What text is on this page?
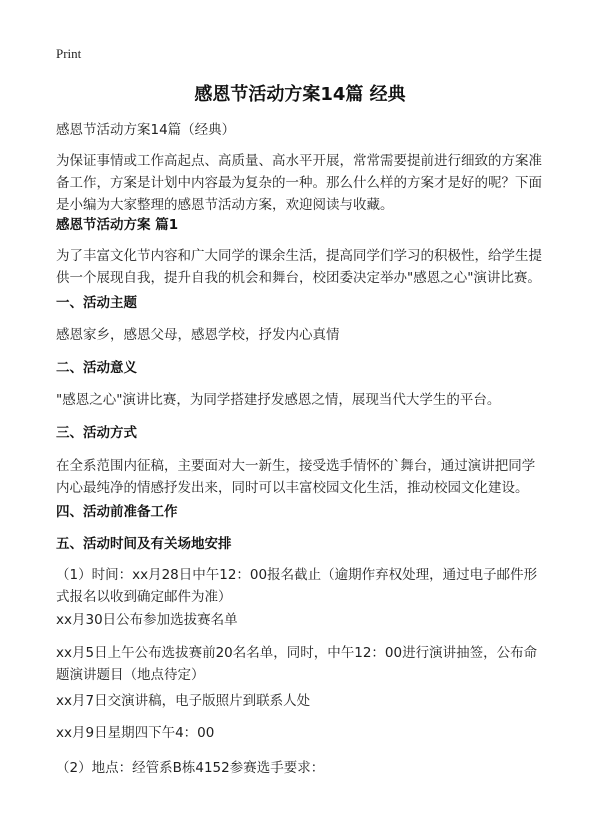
Print
感恩节活动方案14篇 经典
感恩节活动方案14篇（经典）
为保证事情或工作高起点、高质量、高水平开展，常常需要提前进行细致的方案准备工作，方案是计划中内容最为复杂的一种。那么什么样的方案才是好的呢？下面是小编为大家整理的感恩节活动方案，欢迎阅读与收藏。
感恩节活动方案 篇1
为了丰富文化节内容和广大同学的课余生活，提高同学们学习的积极性，给学生提供一个展现自我，提升自我的机会和舞台，校团委决定举办"感恩之心"演讲比赛。
一、活动主题
感恩家乡，感恩父母，感恩学校，抒发内心真情
二、活动意义
"感恩之心"演讲比赛，为同学搭建抒发感恩之情，展现当代大学生的平台。
三、活动方式
在全系范围内征稿，主要面对大一新生，接受选手情怀的`舞台，通过演讲把同学内心最纯净的情感抒发出来，同时可以丰富校园文化生活，推动校园文化建设。
四、活动前准备工作
五、活动时间及有关场地安排
（1）时间：xx月28日中午12：00报名截止（逾期作弃权处理，通过电子邮件形式报名以收到确定邮件为准）
xx月30日公布参加选拔赛名单
xx月5日上午公布选拔赛前20名名单，同时，中午12：00进行演讲抽签，公布命题演讲题目（地点待定）
xx月7日交演讲稿，电子版照片到联系人处
xx月9日星期四下午4：00
（2）地点：经管系B栋4152参赛选手要求：
